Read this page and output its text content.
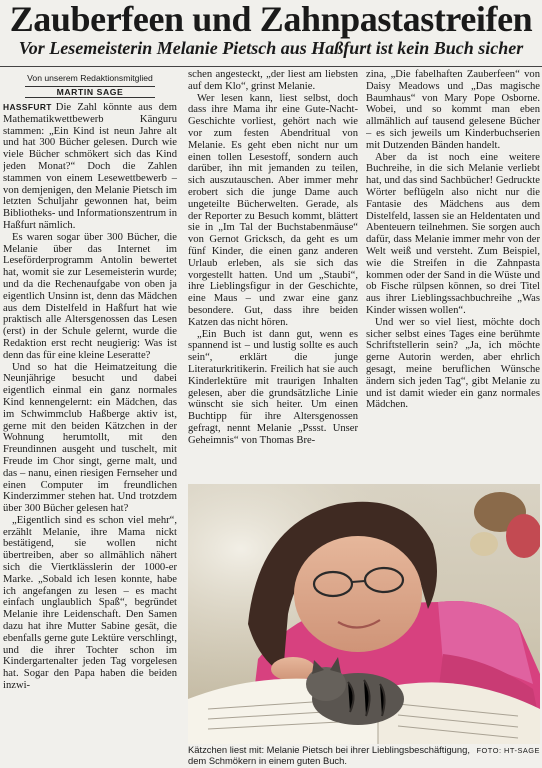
Zauberfeen und Zahnpastastreifen
Vor Lesemeisterin Melanie Pietsch aus Haßfurt ist kein Buch sicher
Von unserem Redaktionsmitglied
MARTIN SAGE

HASSFURT Die Zahl könnte aus dem Mathematikwettbewerb Känguru stammen: „Ein Kind ist neun Jahre alt und hat 300 Bücher gelesen. Durch wie viele Bücher schmökert sich das Kind jeden Monat?“ Doch die Zahlen stammen von einem Lesewettbewerb – von demjenigen, den Melanie Pietsch im letzten Schuljahr gewonnen hat, beim Bibliotheks- und Informationszentrum in Haßfurt nämlich.

Es waren sogar über 300 Bücher, die Melanie über das Internet im Leseförderprogramm Antolin bewertet hat, womit sie zur Lesemeisterin wurde; und da die Rechenaufgabe von oben ja eigentlich Unsinn ist, denn das Mädchen aus dem Distelfeld in Haßfurt hat wie praktisch alle Altersgenossen das Lesen (erst) in der Schule gelernt, wurde die Redaktion erst recht neugierig: Was ist denn das für eine kleine Leseratte?

Und so hat die Heimatzeitung die Neunjährige besucht und dabei eigentlich einmal ein ganz normales Kind kennengelernt: ein Mädchen, das im Schwimmclub Haßberge aktiv ist, gerne mit den beiden Kätzchen in der Wohnung herumtollt, mit den Freundinnen ausgeht und tuschelt, mit Freude im Chor singt, gerne malt, und das – nanu, einen riesigen Fernseher und einen Computer im freundlichen Kinderzimmer stehen hat. Und trotzdem über 300 Bücher gelesen hat?

„Eigentlich sind es schon viel mehr“, erzählt Melanie, ihre Mama nickt bestätigend, sie wollen nicht übertreiben, aber so allmählich nähert sich die Viertklässlerin der 1000-er Marke. „Sobald ich lesen konnte, habe ich angefangen zu lesen – es macht einfach unglaublich Spaß“, begründet Melanie ihre Leidenschaft. Den Samen dazu hat ihre Mutter Sabine gesät, die ebenfalls gerne gute Lektüre verschlingt, und die ihrer Tochter schon im Kindergartenalter jeden Tag vorgelesen hat. Sogar den Papa haben die beiden inzwi-

schen angesteckt, „der liest am liebsten auf dem Klo“, grinst Melanie.

Wer lesen kann, liest selbst, doch dass ihre Mama ihr eine Gute-Nacht-Geschichte vorliest, gehört nach wie vor zum festen Abendritual von Melanie. Es geht eben nicht nur um einen tollen Lesestoff, sondern auch darüber, ihn mit jemanden zu teilen, sich auszutauschen. Aber immer mehr erobert sich die junge Dame auch ungeteilte Bücherwelten. Gerade, als der Reporter zu Besuch kommt, blättert sie in „Im Tal der Buchstabenmäuse“ von Gernot Gricksch, da geht es um fünf Kinder, die einen ganz anderen Urlaub erleben, als sie sich das vorgestellt hatten. Und um „Staubi“, ihre Lieblingsfigur in der Geschichte, eine Maus – und zwar eine ganz besondere. Gut, dass ihre beiden Katzen das nicht hören.

„Ein Buch ist dann gut, wenn es spannend ist – und lustig sollte es auch sein“, erklärt die junge Literaturkritikerin. Freilich hat sie auch Kinderlektüre mit traurigen Inhalten gelesen, aber die grundsätzliche Linie wünscht sie sich heiter. Um einen Buchtipp für ihre Altersgenossen gefragt, nennt Melanie „Pssst. Unser Geheimnis“ von Thomas Bre-

zina, „Die fabelhaften Zauberfeen“ von Daisy Meadows und „Das magische Baumhaus“ von Mary Pope Osborne. Wobei, und so kommt man eben allmählich auf tausend gelesene Bücher – es sich jeweils um Kinderbuchserien mit Dutzenden Bänden handelt.

Aber da ist noch eine weitere Buchreihe, in die sich Melanie verliebt hat, und das sind Sachbücher! Gedruckte Wörter beflügeln also nicht nur die Fantasie des Mädchens aus dem Distelfeld, lassen sie an Heldentaten und Abenteuern teilnehmen. Sie sorgen auch dafür, dass Melanie immer mehr von der Welt weiß und versteht. Zum Beispiel, wie die Streifen in die Zahnpasta kommen oder der Sand in die Wüste und ob Fische rülpsen können, so drei Titel aus ihrer Lieblingssachbuchreihe „Was Kinder wissen wollen“.

Und wer so viel liest, möchte doch sicher selbst eines Tages eine berühmte Schriftstellerin sein? „Ja, ich möchte gerne Autorin werden, aber ehrlich gesagt, meine beruflichen Wünsche ändern sich jeden Tag“, gibt Melanie zu und ist damit wieder ein ganz normales Mädchen.

FOTO: HT-SAGE
Kätzchen liest mit: Melanie Pietsch bei ihrer Lieblingsbeschäftigung, dem Schmökern in einem guten Buch.
